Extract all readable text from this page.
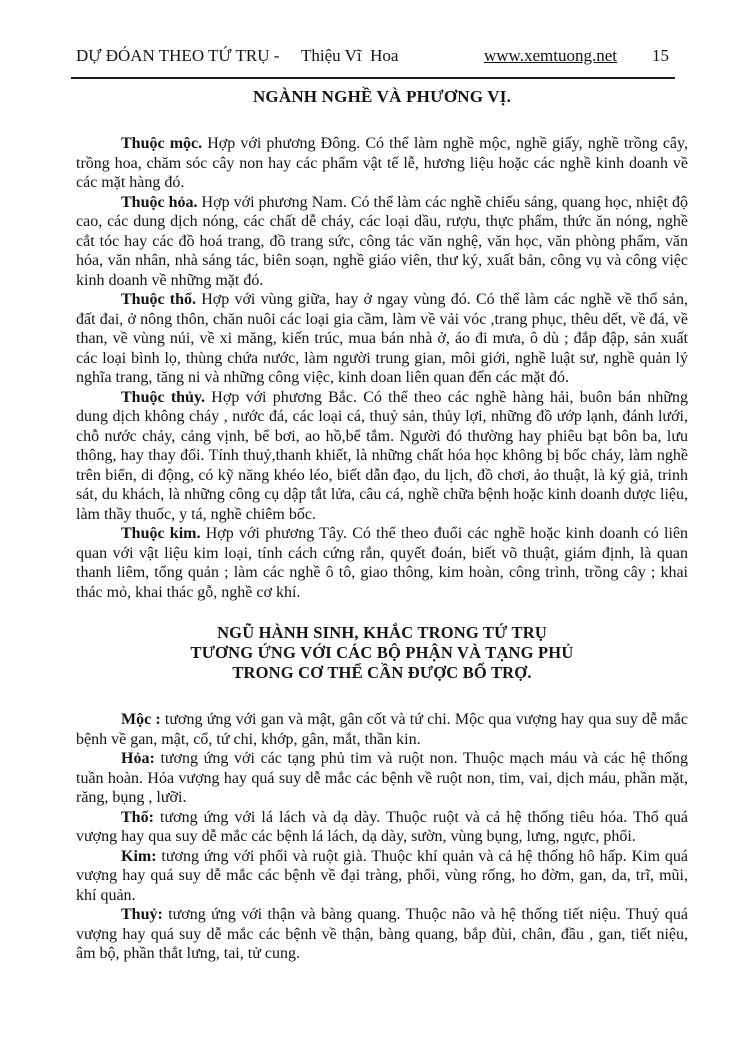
DỰ ĐÓAN THEO TỨ TRỤ - Thiệu Vĩ  Hoa	www.xemtuong.net 15
NGÀNH NGHỀ VÀ PHƯƠNG VỊ.

Thuộc mộc. Hợp với phương Đông. Có thể làm nghề mộc, nghề giấy, nghề trồng cây, trồng hoa, chăm sóc cây non hay các phẩm vật tế lễ, hương liệu hoặc các nghề kinh doanh về các mặt hàng đó.

Thuộc hỏa. Hợp với phương Nam. Có thể làm các nghề chiếu sáng, quang học, nhiệt độ cao, các dung dịch nóng, các chất dễ cháy, các loại dầu, rượu, thực phẩm, thức ăn nóng, nghề cắt tóc hay các đồ hoá trang, đồ trang sức, công tác văn nghệ, văn học, văn phòng phẩm, văn hóa, văn nhân, nhà sáng tác, biên soạn, nghề giáo viên, thư ký, xuất bản, công vụ và công việc kinh doanh về những mặt đó.

Thuộc thổ. Hợp với vùng giữa, hay ở ngay vùng đó. Có thể làm các nghề về thổ sản, đất đai, ở nông thôn, chăn nuôi các loại gia cầm, làm về vải vóc ,trang phục, thêu dết, về đá, về than, về vùng núi, về xi măng, kiến trúc, mua bán nhà ở, áo đi mưa, ô dù ; đắp đập, sản xuất các loại bình lọ, thùng chứa nước, làm người trung gian, môi giới, nghề luật sư, nghề quản lý nghĩa trang, tăng ni và những công việc, kinh doan liên quan đến các mặt đó.

Thuộc thủy. Hợp với phương Bắc. Có thể theo các nghề hàng hải, buôn bán những dung dịch không cháy , nước đá, các loại cá, thuỷ sản, thủy lợi, những đồ ướp lạnh, đánh lưới, chỗ nước chảy, cảng vịnh, bể bơi, ao hồ,bể tắm. Người đó thường hay phiêu bạt bôn ba, lưu thông, hay thay đổi. Tính thuỷ,thanh khiết, là những chất hóa học không bị bốc cháy, làm nghề trên biển, di động, có kỹ năng khéo léo, biết dẫn đạo, du lịch, đồ chơi, ảo thuật, là ký giả, trinh sát, du khách, là những công cụ dập tắt lửa, câu cá, nghề chữa bệnh hoặc kinh doanh dược liệu, làm thầy thuốc, y tá, nghề chiêm bốc.

Thuộc kim. Hợp với phương Tây. Có thể theo đuổi các nghề hoặc kinh doanh có liên quan với vật liệu kim loại, tính cách cứng rắn, quyết đoán, biết võ thuật, giám định, là quan thanh liêm, tổng quản ; làm các nghề ô tô, giao thông, kim hoàn, công trình, trồng cây ; khai thác mỏ, khai thác gỗ, nghề cơ khí.

NGŨ HÀNH SINH, KHẮC TRONG TỨ TRỤ
TƯƠNG ỨNG VỚI CÁC BỘ PHẬN VÀ TẠNG PHỦ
TRONG CƠ THỂ CẦN ĐƯỢC BỔ TRỢ.

Mộc : tương ứng với gan và mật, gân cốt và tứ chi. Mộc qua vượng hay qua suy dễ mắc bệnh về gan, mật, cổ, tứ chi, khớp, gân, mắt, thần kin.

Hỏa: tương ứng với các tạng phủ tim và ruột non. Thuộc mạch máu và các hệ thống tuần hoàn. Hỏa vượng hay quá suy dễ mắc các bệnh về ruột non, tim, vai, dịch máu, phần mặt, răng, bụng , lưỡi.

Thổ: tương ứng với lá lách và dạ dày. Thuộc ruột và cả hệ thống tiêu hóa. Thổ quá vượng hay qua suy dễ mắc các bệnh lá lách, dạ dày, sườn, vùng bụng, lưng, ngực, phổi.

Kim: tương ứng với phổi và ruột già. Thuộc khí quản và cả hệ thống hô hấp. Kim quá vượng hay quá suy dễ mắc các bệnh về đại tràng, phổi, vùng rống, ho đờm, gan, da, trĩ, mũi, khí quản.

Thuỷ: tương ứng với thận và bàng quang. Thuộc não và hệ thống tiết niệu. Thuỷ quá vượng hay quá suy dễ mắc các bệnh về thận, bàng quang, bắp đùi, chân, đầu , gan, tiết niệu, âm bộ, phần thắt lưng, tai, tử cung.
